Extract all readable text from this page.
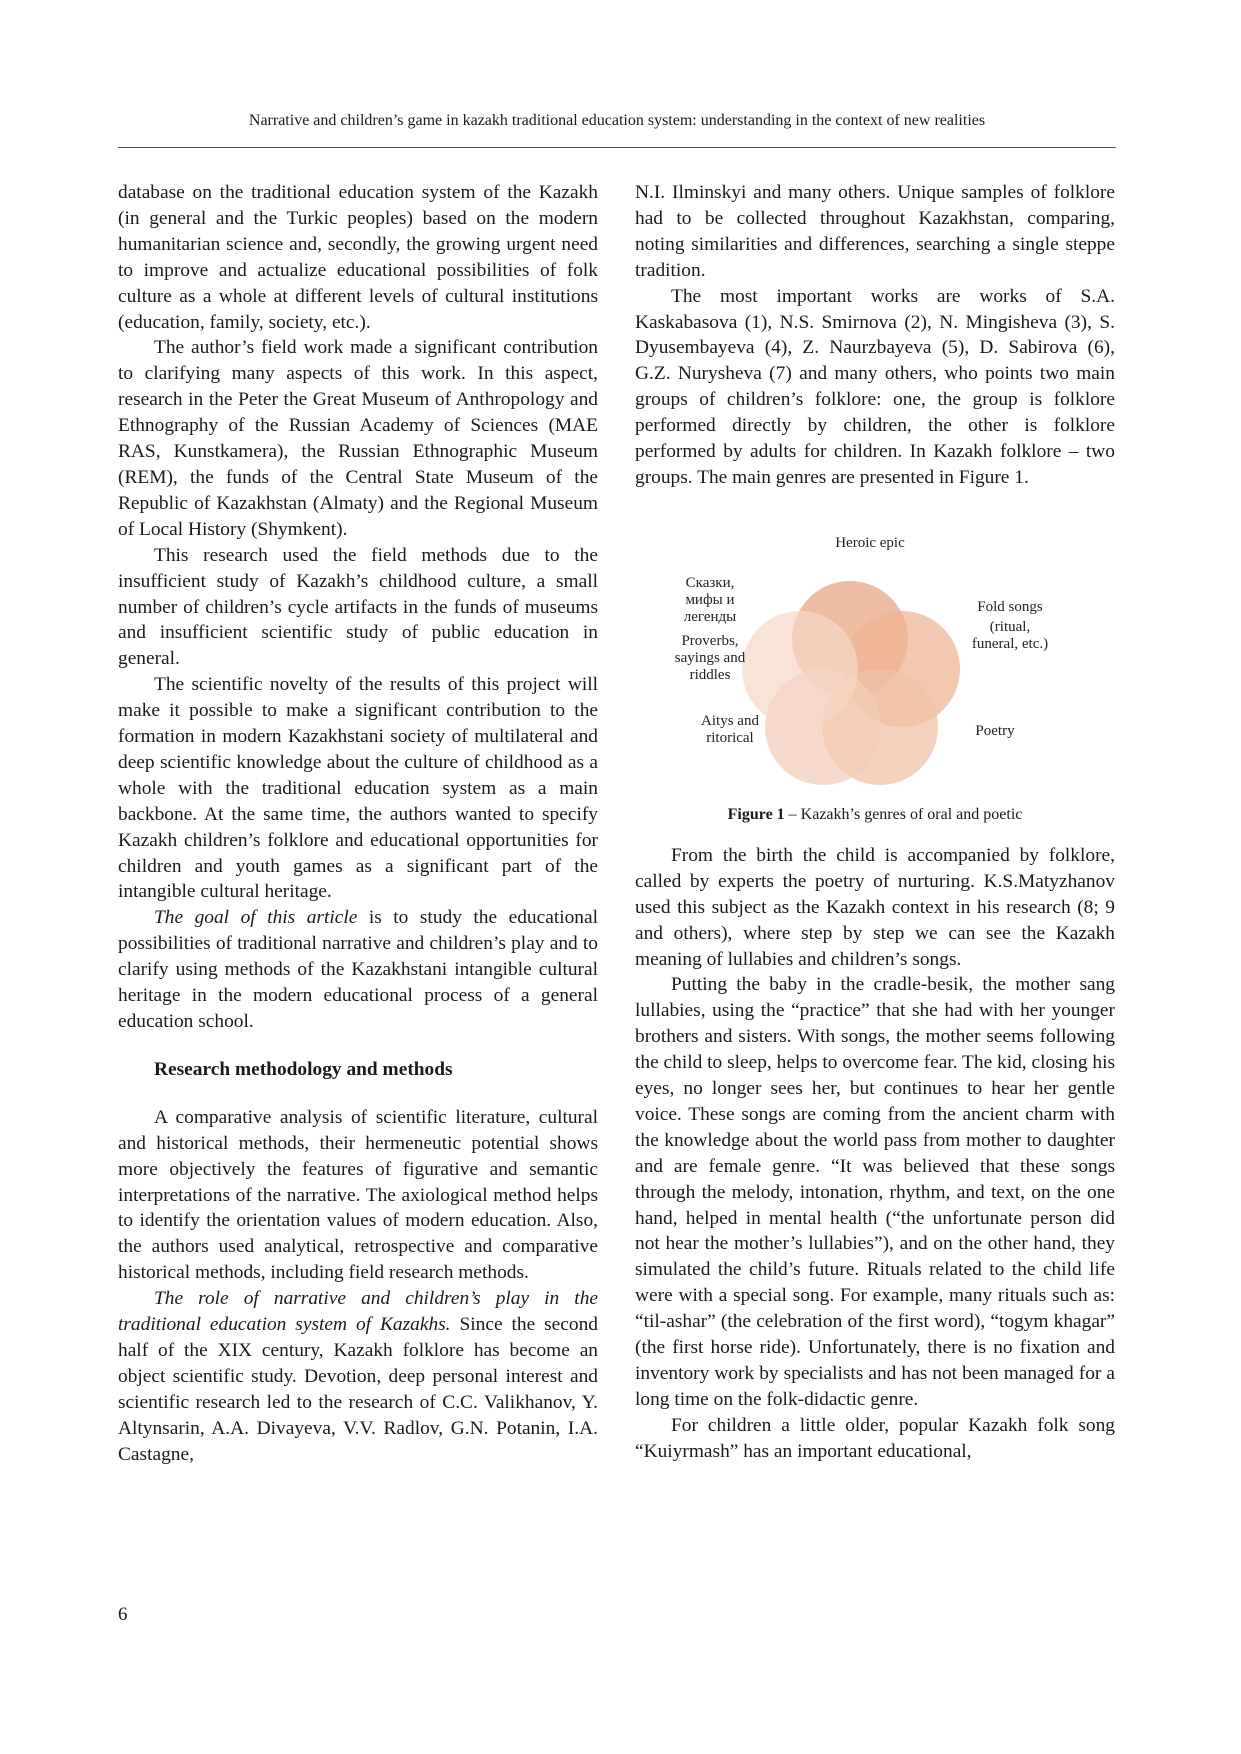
Narrative and children’s game in kazakh traditional education system: understanding in the context of new realities

database on the traditional education system of the Kazakh (in general and the Turkic peoples) based on the modern humanitarian science and, secondly, the growing urgent need to improve and actualize educational possibilities of folk culture as a whole at different levels of cultural institutions (education, family, society, etc.).

The author’s field work made a significant contribution to clarifying many aspects of this work. In this aspect, research in the Peter the Great Museum of Anthropology and Ethnography of the Russian Academy of Sciences (MAE RAS, Kunstkamera), the Russian Ethnographic Museum (REM), the funds of the Central State Museum of the Republic of Kazakhstan (Almaty) and the Regional Museum of Local History (Shymkent).

This research used the field methods due to the insufficient study of Kazakh’s childhood culture, a small number of children’s cycle artifacts in the funds of museums and insufficient scientific study of public education in general.

The scientific novelty of the results of this project will make it possible to make a significant contribution to the formation in modern Kazakhstani society of multilateral and deep scientific knowledge about the culture of childhood as a whole with the traditional education system as a main backbone. At the same time, the authors wanted to specify Kazakh children’s folklore and educational opportunities for children and youth games as a significant part of the intangible cultural heritage.

The goal of this article is to study the educational possibilities of traditional narrative and children’s play and to clarify using methods of the Kazakhstani intangible cultural heritage in the modern educational process of a general education school.

Research methodology and methods

A comparative analysis of scientific literature, cultural and historical methods, their hermeneutic potential shows more objectively the features of figurative and semantic interpretations of the narrative. The axiological method helps to identify the orientation values of modern education. Also, the authors used analytical, retrospective and comparative historical methods, including field research methods.

The role of narrative and children’s play in the traditional education system of Kazakhs. Since the second half of the XIX century, Kazakh folklore has become an object scientific study. Devotion, deep personal interest and scientific research led to the research of C.C. Valikhanov, Y. Altynsarin, A.A. Divayeva, V.V. Radlov, G.N. Potanin, I.A. Castagne,

N.I. Ilminskyi and many others. Unique samples of folklore had to be collected throughout Kazakhstan, comparing, noting similarities and differences, searching a single steppe tradition.

The most important works are works of S.A. Kaskabasova (1), N.S. Smirnova (2), N. Mingisheva (3), S. Dyusembayeva (4), Z. Naurzbayeva (5), D. Sabirova (6), G.Z. Nurysheva (7) and many others, who points two main groups of children’s folklore: one, the group is folklore performed directly by children, the other is folklore performed by adults for children. In Kazakh folklore – two groups. The main genres are presented in Figure 1.

Heroic epic
Сказки,
мифы и
легенды
Proverbs,
sayings and
riddles
Fold songs
(ritual,
funeral, etc.)
Aitys and
ritorical	Poetry
Figure 1 – Kazakh’s genres of oral and poetic

From the birth the child is accompanied by folklore, called by experts the poetry of nurturing. K.S.Matyzhanov used this subject as the Kazakh context in his research (8; 9 and others), where step by step we can see the Kazakh meaning of lullabies and children’s songs.

Putting the baby in the cradle-besik, the mother sang lullabies, using the “practice” that she had with her younger brothers and sisters. With songs, the mother seems following the child to sleep, helps to overcome fear. The kid, closing his eyes, no longer sees her, but continues to hear her gentle voice. These songs are coming from the ancient charm with the knowledge about the world pass from mother to daughter and are female genre. “It was believed that these songs through the melody, intonation, rhythm, and text, on the one hand, helped in mental health (“the unfortunate person did not hear the mother’s lullabies”), and on the other hand, they simulated the child’s future. Rituals related to the child life were with a special song. For example, many rituals such as: “til-ashar” (the celebration of the first word), “togym khagar” (the first horse ride). Unfortunately, there is no fixation and inventory work by specialists and has not been managed for a long time on the folk-didactic genre.

For children a little older, popular Kazakh folk song “Kuiyrmash” has an important educational,

6
